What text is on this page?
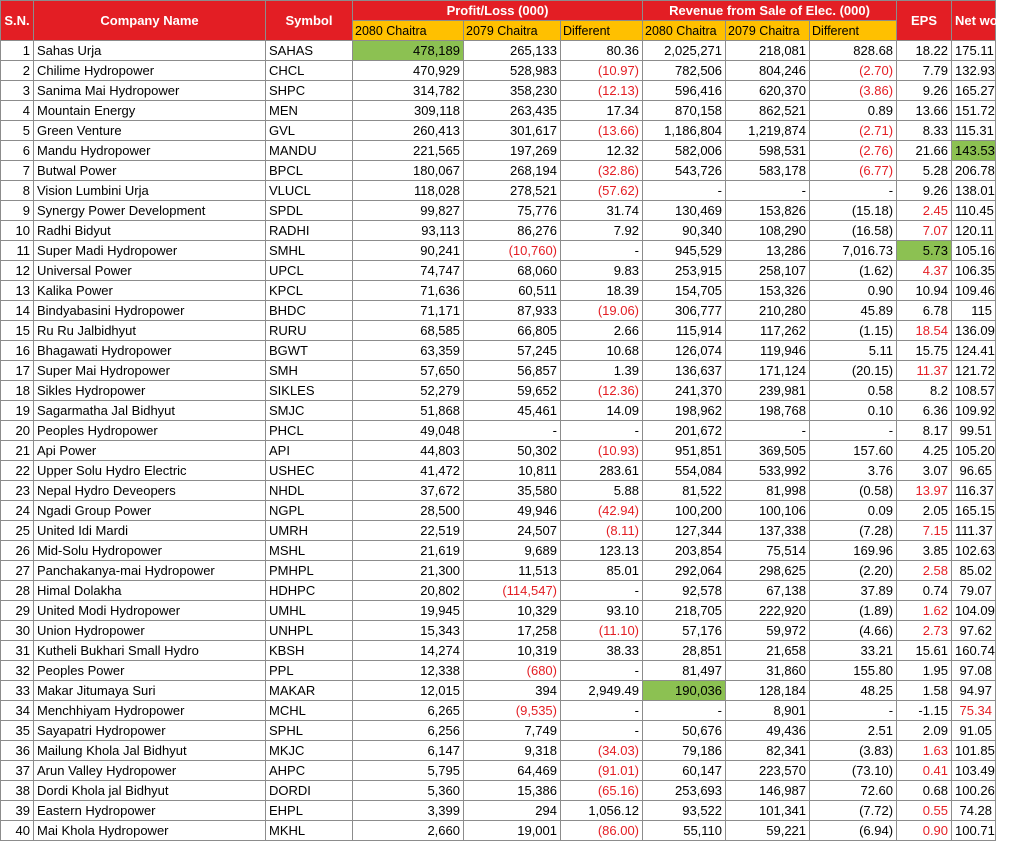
S.N.	Company Name	Symbol	Profit/Loss (000)			Revenue from Sale of Elec. (000)			EPS	Net worth
			2080 Chaitra	2079 Chaitra	Different	2080 Chaitra	2079 Chaitra	Different		
1	Sahas Urja	SAHAS	478,189	265,133	80.36	2,025,271	218,081	828.68	18.22	175.11
2	Chilime Hydropower	CHCL	470,929	528,983	(10.97)	782,506	804,246	(2.70)	7.79	132.93
3	Sanima Mai Hydropower	SHPC	314,782	358,230	(12.13)	596,416	620,370	(3.86)	9.26	165.27
4	Mountain Energy	MEN	309,118	263,435	17.34	870,158	862,521	0.89	13.66	151.72
5	Green Venture	GVL	260,413	301,617	(13.66)	1,186,804	1,219,874	(2.71)	8.33	115.31
6	Mandu Hydropower	MANDU	221,565	197,269	12.32	582,006	598,531	(2.76)	21.66	143.53
7	Butwal Power	BPCL	180,067	268,194	(32.86)	543,726	583,178	(6.77)	5.28	206.78
8	Vision Lumbini Urja	VLUCL	118,028	278,521	(57.62)	-	-	-	9.26	138.01
9	Synergy Power Development	SPDL	99,827	75,776	31.74	130,469	153,826	(15.18)	2.45	110.45
10	Radhi Bidyut	RADHI	93,113	86,276	7.92	90,340	108,290	(16.58)	7.07	120.11
11	Super Madi Hydropower	SMHL	90,241	(10,760)	-	945,529	13,286	7,016.73	5.73	105.16
12	Universal Power	UPCL	74,747	68,060	9.83	253,915	258,107	(1.62)	4.37	106.35
13	Kalika Power	KPCL	71,636	60,511	18.39	154,705	153,326	0.90	10.94	109.46
14	Bindyabasini Hydropower	BHDC	71,171	87,933	(19.06)	306,777	210,280	45.89	6.78	115
15	Ru Ru Jalbidhyut	RURU	68,585	66,805	2.66	115,914	117,262	(1.15)	18.54	136.09
16	Bhagawati Hydropower	BGWT	63,359	57,245	10.68	126,074	119,946	5.11	15.75	124.41
17	Super Mai Hydropower	SMH	57,650	56,857	1.39	136,637	171,124	(20.15)	11.37	121.72
18	Sikles Hydropower	SIKLES	52,279	59,652	(12.36)	241,370	239,981	0.58	8.2	108.57
19	Sagarmatha Jal Bidhyut	SMJC	51,868	45,461	14.09	198,962	198,768	0.10	6.36	109.92
20	Peoples Hydropower	PHCL	49,048	-	-	201,672	-	-	8.17	99.51
21	Api Power	API	44,803	50,302	(10.93)	951,851	369,505	157.60	4.25	105.20
22	Upper Solu Hydro Electric	USHEC	41,472	10,811	283.61	554,084	533,992	3.76	3.07	96.65
23	Nepal Hydro Deveopers	NHDL	37,672	35,580	5.88	81,522	81,998	(0.58)	13.97	116.37
24	Ngadi Group Power	NGPL	28,500	49,946	(42.94)	100,200	100,106	0.09	2.05	165.15
25	United Idi Mardi	UMRH	22,519	24,507	(8.11)	127,344	137,338	(7.28)	7.15	111.37
26	Mid-Solu Hydropower	MSHL	21,619	9,689	123.13	203,854	75,514	169.96	3.85	102.63
27	Panchakanya-mai Hydropower	PMHPL	21,300	11,513	85.01	292,064	298,625	(2.20)	2.58	85.02
28	Himal Dolakha	HDHPC	20,802	(114,547)	-	92,578	67,138	37.89	0.74	79.07
29	United Modi Hydropower	UMHL	19,945	10,329	93.10	218,705	222,920	(1.89)	1.62	104.09
30	Union Hydropower	UNHPL	15,343	17,258	(11.10)	57,176	59,972	(4.66)	2.73	97.62
31	Kutheli Bukhari Small Hydro	KBSH	14,274	10,319	38.33	28,851	21,658	33.21	15.61	160.74
32	Peoples Power	PPL	12,338	(680)	-	81,497	31,860	155.80	1.95	97.08
33	Makar Jitumaya Suri	MAKAR	12,015	394	2,949.49	190,036	128,184	48.25	1.58	94.97
34	Menchhiyam Hydropower	MCHL	6,265	(9,535)	-	-	8,901	-	-1.15	75.34
35	Sayapatri Hydropower	SPHL	6,256	7,749	-	50,676	49,436	2.51	2.09	91.05
36	Mailung Khola Jal Bidhyut	MKJC	6,147	9,318	(34.03)	79,186	82,341	(3.83)	1.63	101.85
37	Arun Valley Hydropower	AHPC	5,795	64,469	(91.01)	60,147	223,570	(73.10)	0.41	103.49
38	Dordi Khola jal Bidhyut	DORDI	5,360	15,386	(65.16)	253,693	146,987	72.60	0.68	100.26
39	Eastern Hydropower	EHPL	3,399	294	1,056.12	93,522	101,341	(7.72)	0.55	74.28
40	Mai Khola Hydropower	MKHL	2,660	19,001	(86.00)	55,110	59,221	(6.94)	0.90	100.71
